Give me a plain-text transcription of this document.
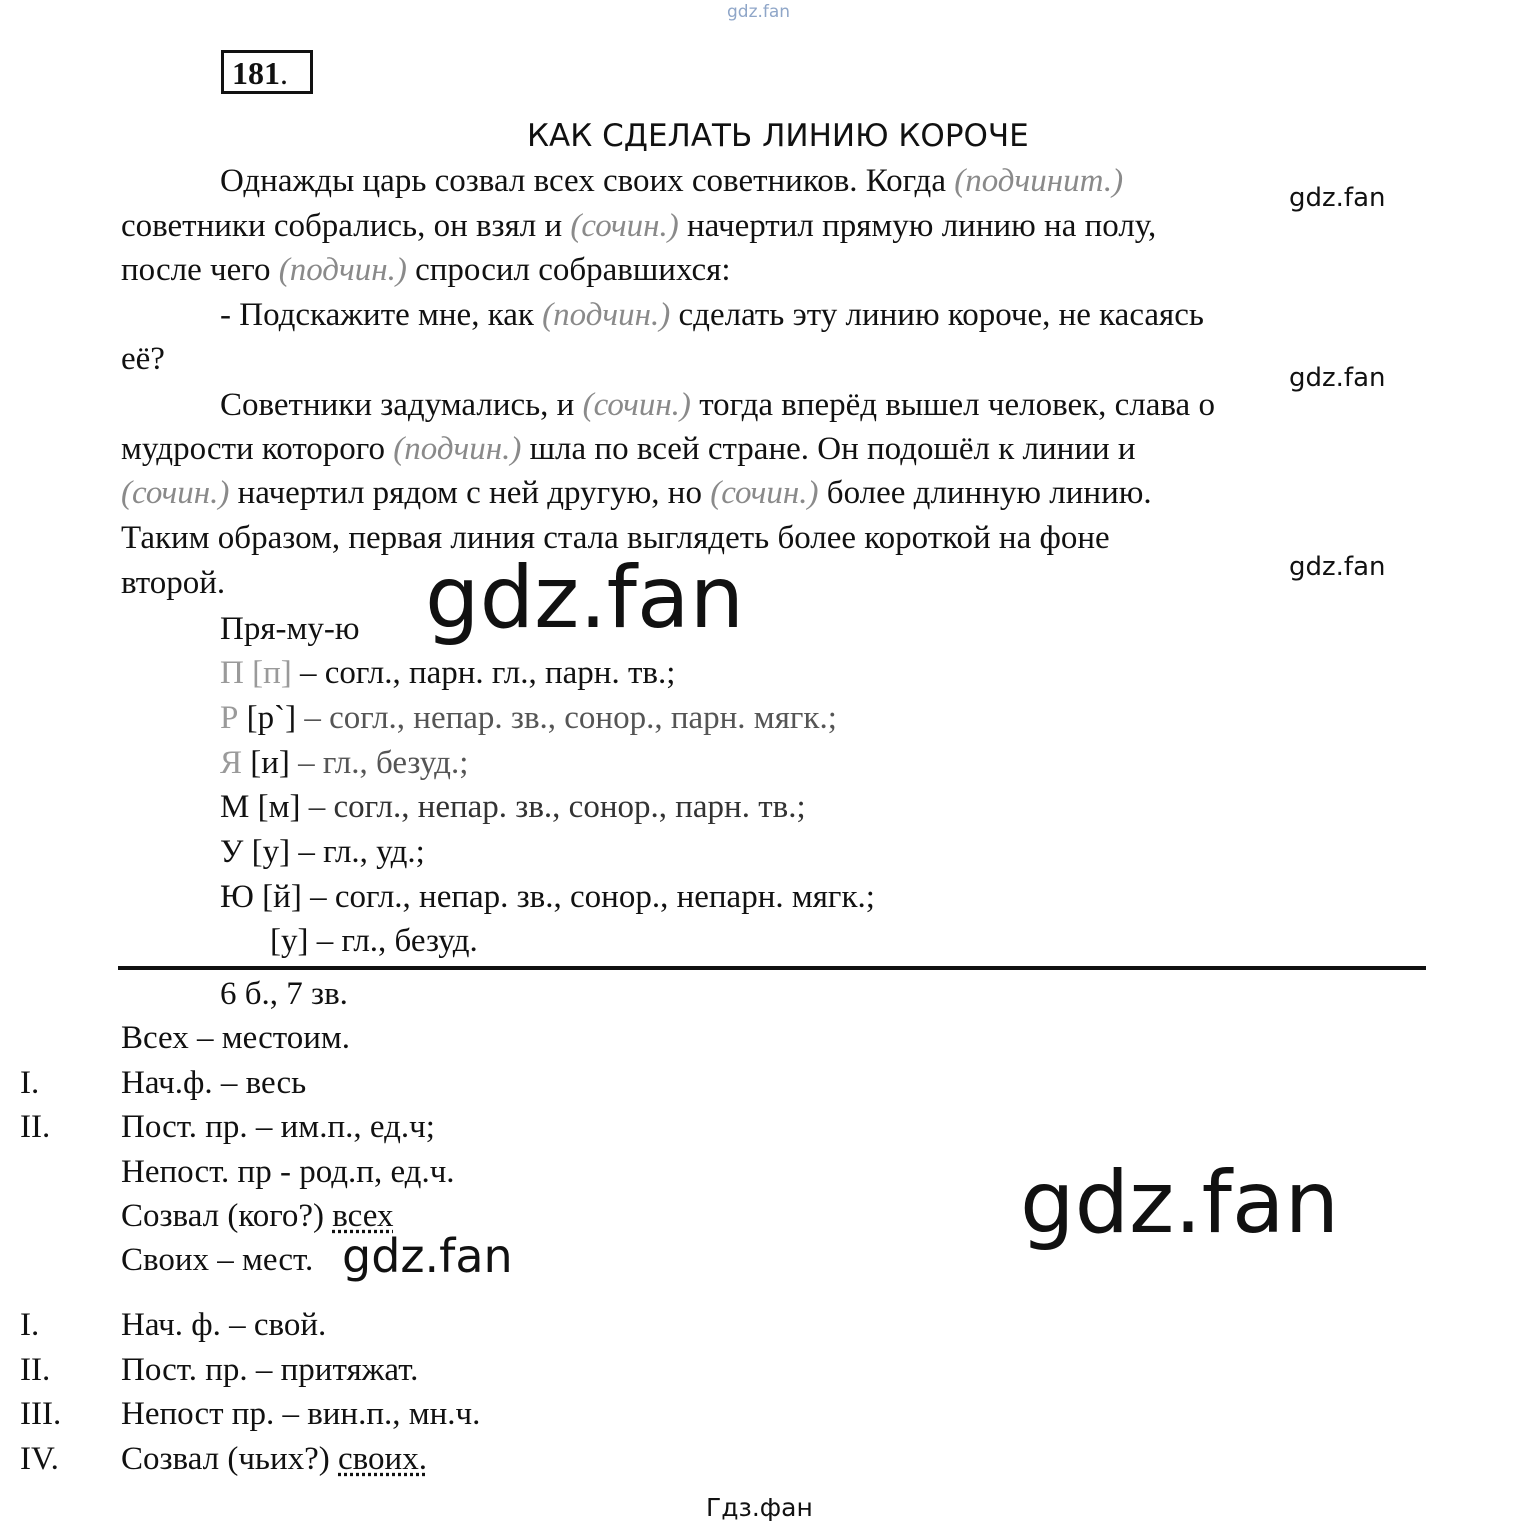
gdz.fan
181.
КАК СДЕЛАТЬ ЛИНИЮ КОРОЧЕ
Однажды царь созвал всех своих советников. Когда (подчинит.)
советники собрались, он взял и (сочин.) начертил прямую линию на полу,
после чего (подчин.) спросил собравшихся:
- Подскажите мне, как (подчин.) сделать эту линию короче, не касаясь
её?
Советники задумались, и (сочин.) тогда вперёд вышел человек, слава о
мудрости которого (подчин.) шла по всей стране. Он подошёл к линии и
(сочин.) начертил рядом с ней другую, но (сочин.) более длинную линию.
Таким образом, первая линия стала выглядеть более короткой на фоне
второй.
Пря-му-ю
П [п] – согл., парн. гл., парн. тв.;
Р [р`] – согл., непар. зв., сонор., парн. мягк.;
Я [и] – гл., безуд.;
М [м] – согл., непар. зв., сонор., парн. тв.;
У [у] – гл., уд.;
Ю [й] – согл., непар. зв., сонор., непарн. мягк.;
[у] – гл., безуд.
6 б., 7 зв.
Всех – местоим.
I. Нач.ф. – весь
II. Пост. пр. – им.п., ед.ч;
Непост. пр - род.п, ед.ч.
Созвал (кого?) всех
Своих – мест.
I. Нач. ф. – свой.
II. Пост. пр. – притяжат.
III. Непост пр. – вин.п., мн.ч.
IV. Созвал (чьих?) своих.
gdz.fan
gdz.fan
gdz.fan
gdz.fan
gdz.fan
gdz.fan
Гдз.фан
